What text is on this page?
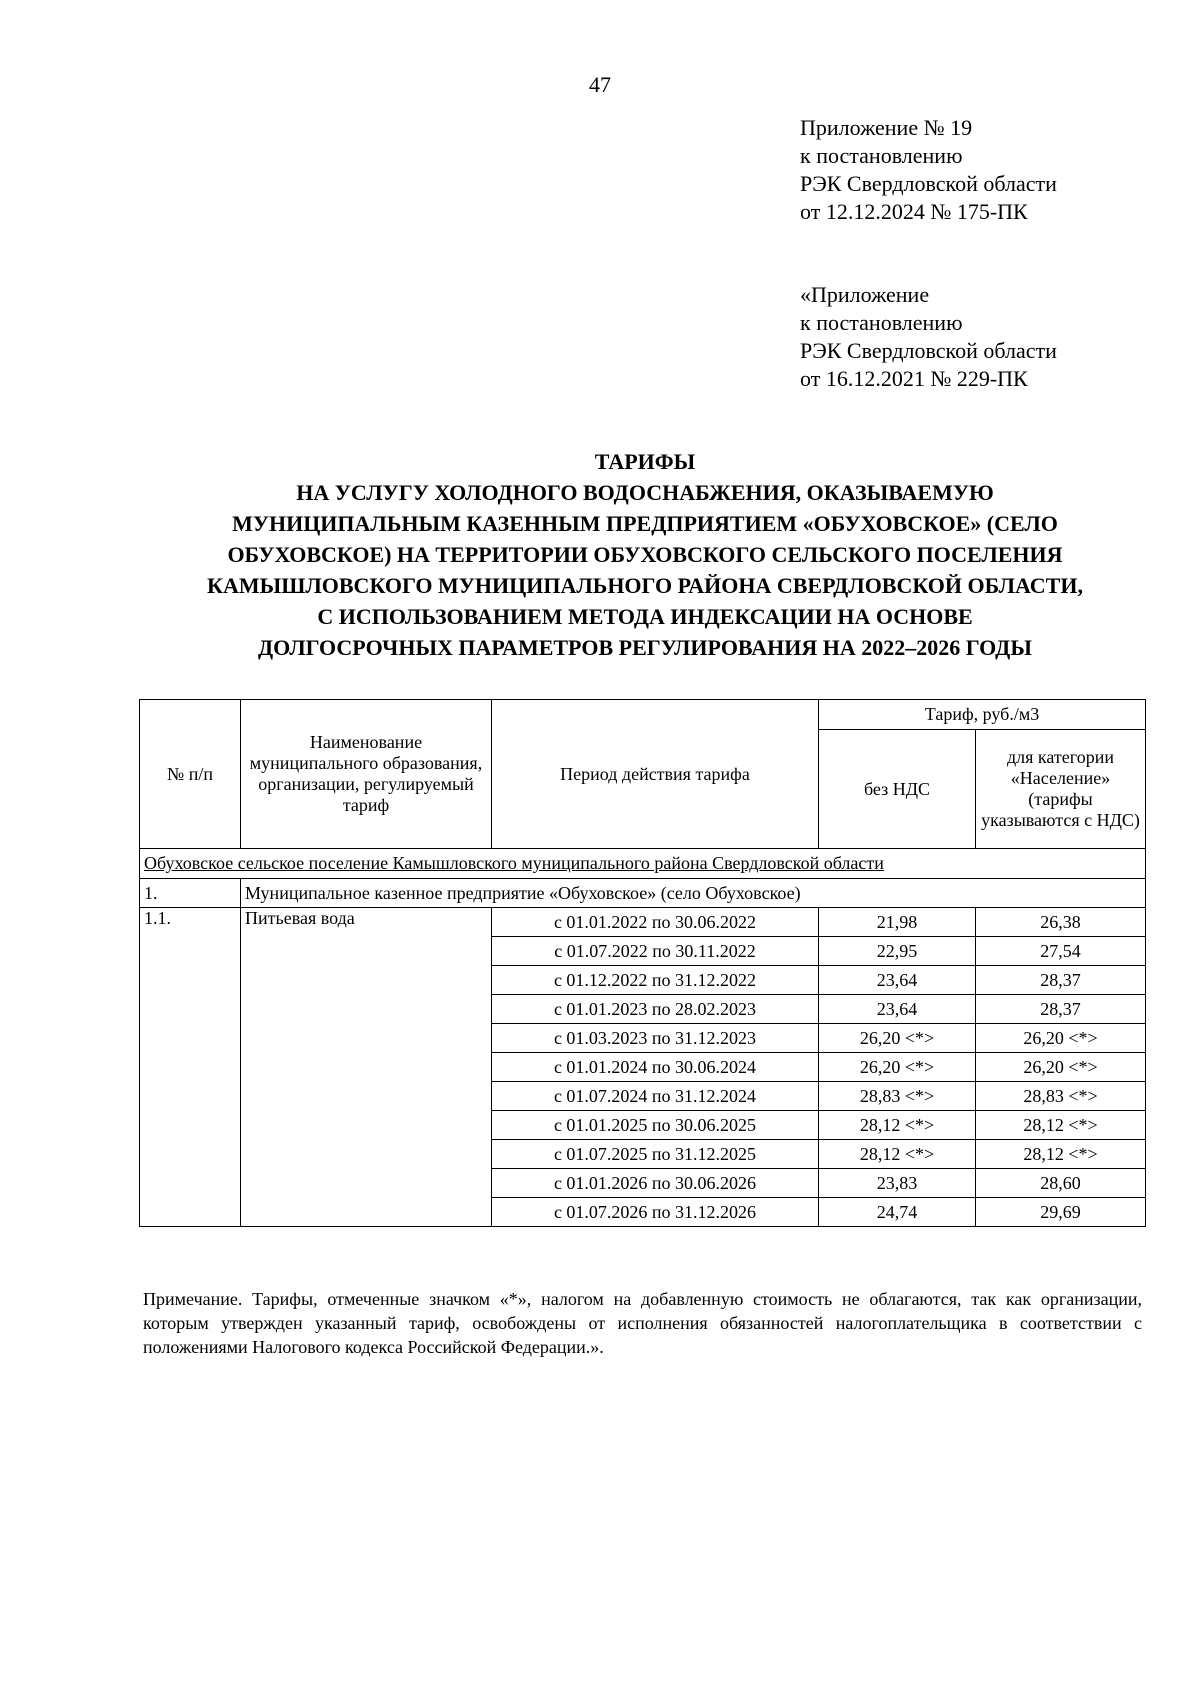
47
Приложение № 19
к постановлению
РЭК Свердловской области
от 12.12.2024 № 175-ПК
«Приложение
к постановлению
РЭК Свердловской области
от 16.12.2021 № 229-ПК
ТАРИФЫ
НА УСЛУГУ ХОЛОДНОГО ВОДОСНАБЖЕНИЯ, ОКАЗЫВАЕМУЮ
МУНИЦИПАЛЬНЫМ КАЗЕННЫМ ПРЕДПРИЯТИЕМ «ОБУХОВСКОЕ» (СЕЛО
ОБУХОВСКОЕ) НА ТЕРРИТОРИИ ОБУХОВСКОГО СЕЛЬСКОГО ПОСЕЛЕНИЯ
КАМЫШЛОВСКОГО МУНИЦИПАЛЬНОГО РАЙОНА СВЕРДЛОВСКОЙ ОБЛАСТИ,
С ИСПОЛЬЗОВАНИЕМ МЕТОДА ИНДЕКСАЦИИ НА ОСНОВЕ
ДОЛГОСРОЧНЫХ ПАРАМЕТРОВ РЕГУЛИРОВАНИЯ НА 2022–2026 ГОДЫ
№ п/п	Наименование муниципального образования, организации, регулируемый тариф	Период действия тарифа	Тариф, руб./м3	
			без НДС	для категории «Население» (тарифы указываются с НДС)
Обуховское сельское поселение Камышловского муниципального района Свердловской области				
1.	Муниципальное казенное предприятие «Обуховское» (село Обуховское)			
1.1.	Питьевая вода	с 01.01.2022 по 30.06.2022	21,98	26,38
		с 01.07.2022 по 30.11.2022	22,95	27,54
		с 01.12.2022 по 31.12.2022	23,64	28,37
		с 01.01.2023 по 28.02.2023	23,64	28,37
		с 01.03.2023 по 31.12.2023	26,20 <*>	26,20 <*>
		с 01.01.2024 по 30.06.2024	26,20 <*>	26,20 <*>
		с 01.07.2024 по 31.12.2024	28,83 <*>	28,83 <*>
		с 01.01.2025 по 30.06.2025	28,12 <*>	28,12 <*>
		с 01.07.2025 по 31.12.2025	28,12 <*>	28,12 <*>
		с 01.01.2026 по 30.06.2026	23,83	28,60
		с 01.07.2026 по 31.12.2026	24,74	29,69
Примечание. Тарифы, отмеченные значком «*», налогом на добавленную стоимость не облагаются, так как организации, которым утвержден указанный тариф, освобождены от исполнения обязанностей налогоплательщика в соответствии с положениями Налогового кодекса Российской Федерации.».
